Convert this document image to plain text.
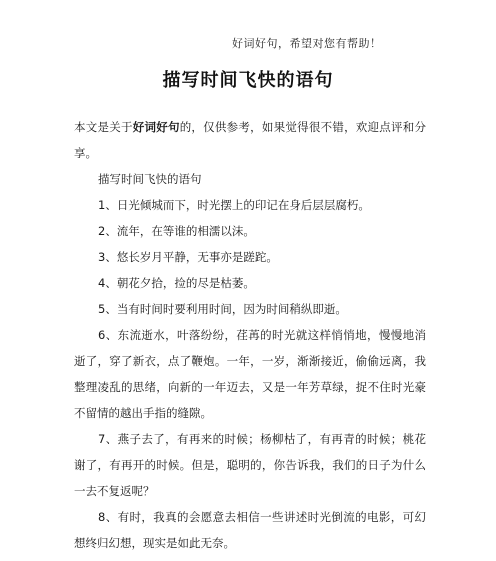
好词好句，希望对您有帮助！
描写时间飞快的语句

本文是关于好词好句的，仅供参考，如果觉得很不错，欢迎点评和分享。

描写时间飞快的语句

1、日光倾城而下，时光摆上的印记在身后层层腐朽。

2、流年，在等谁的相濡以沫。

3、悠长岁月平静，无事亦是蹉跎。

4、朝花夕拾，捡的尽是枯萎。

5、当有时间时要利用时间，因为时间稍纵即逝。

6、东流逝水，叶落纷纷，荏苒的时光就这样悄悄地，慢慢地消逝了，穿了新衣，点了鞭炮。一年，一岁，渐渐接近，偷偷远离，我整理凌乱的思绪，向新的一年迈去，又是一年芳草绿，捉不住时光豪不留情的越出手指的缝隙。

7、燕子去了，有再来的时候；杨柳枯了，有再青的时候；桃花谢了，有再开的时候。但是，聪明的，你告诉我，我们的日子为什么一去不复返呢？

8、有时，我真的会愿意去相信一些讲述时光倒流的电影，可幻想终归幻想，现实是如此无奈。
